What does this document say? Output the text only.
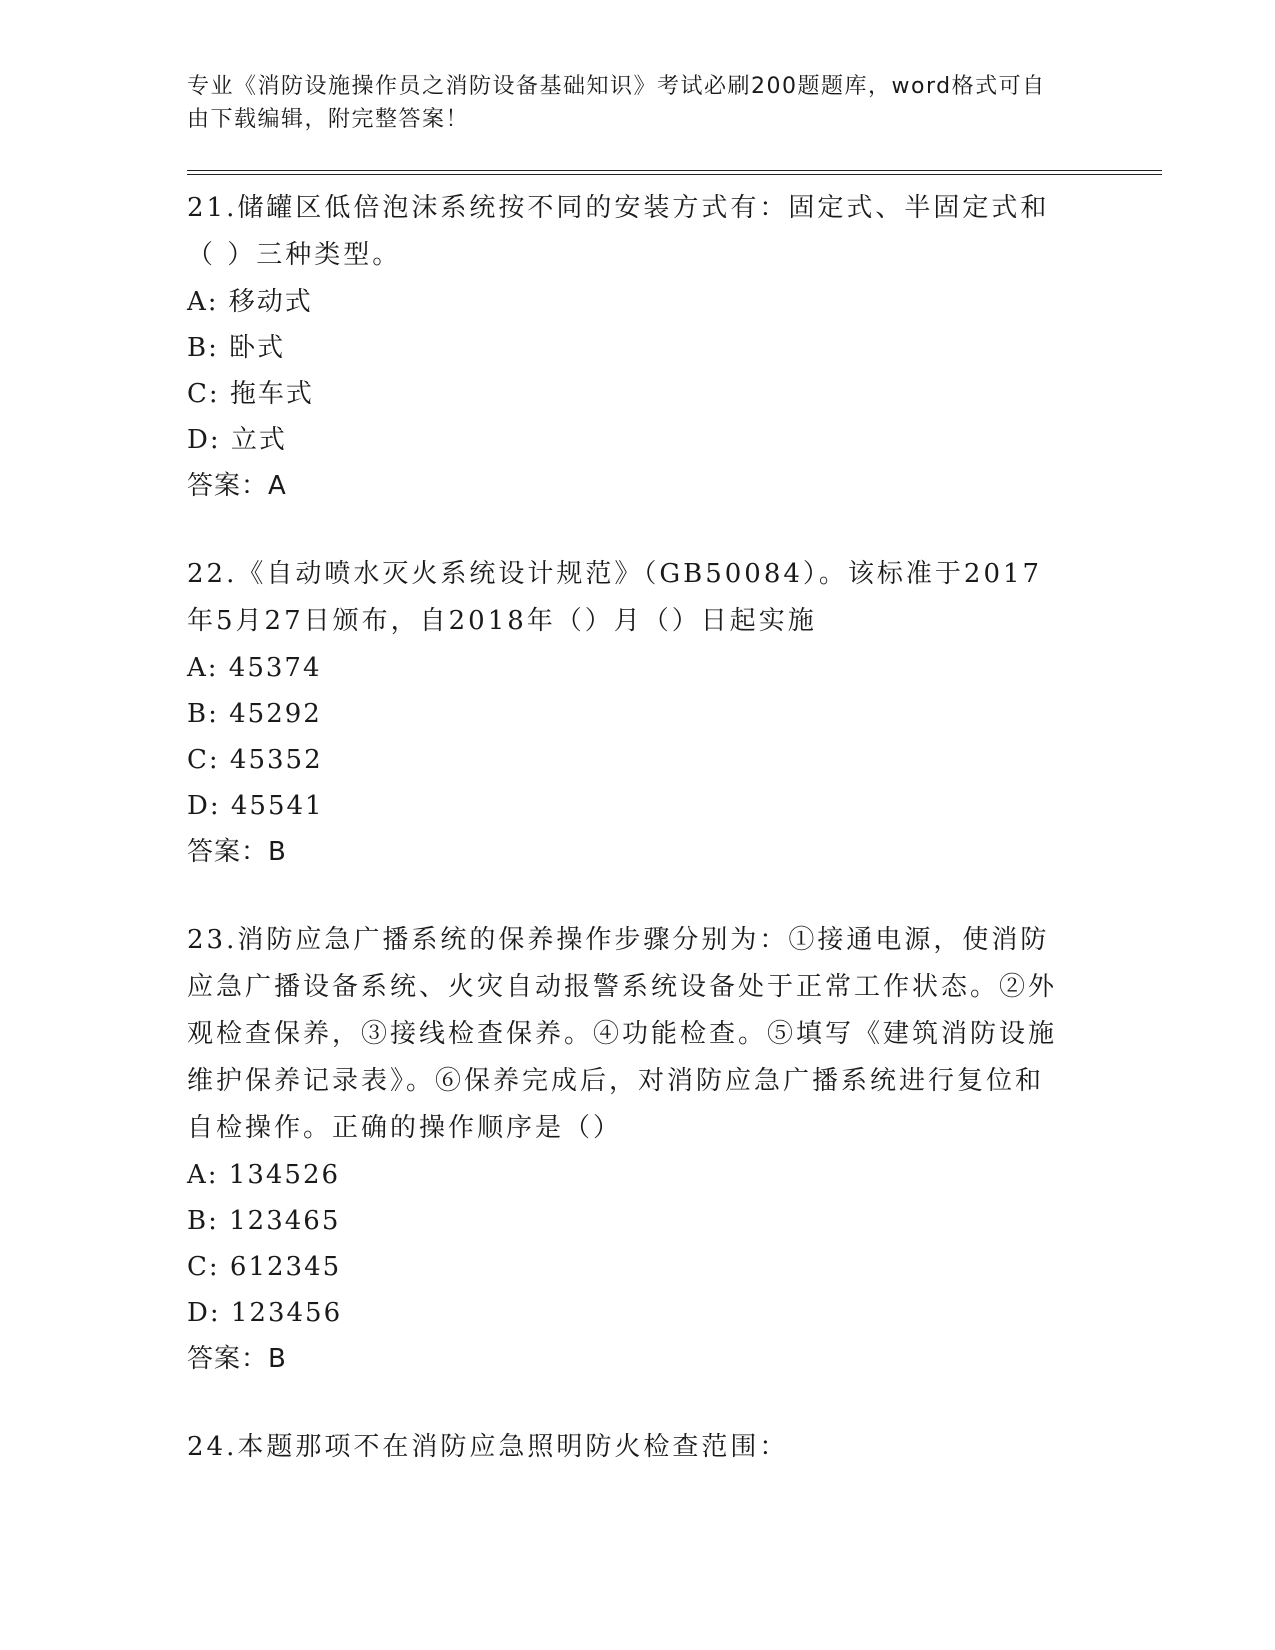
专业《消防设施操作员之消防设备基础知识》考试必刷200题题库，word格式可自由下载编辑，附完整答案！
21.储罐区低倍泡沫系统按不同的安装方式有：固定式、半固定式和（ ）三种类型。
A: 移动式
B: 卧式
C: 拖车式
D: 立式
答案：A
22.《自动喷水灭火系统设计规范》（GB50084）。该标准于2017年5月27日颁布，自2018年（）月（）日起实施
A: 45374
B: 45292
C: 45352
D: 45541
答案：B
23.消防应急广播系统的保养操作步骤分别为：①接通电源，使消防应急广播设备系统、火灾自动报警系统设备处于正常工作状态。②外观检查保养，③接线检查保养。④功能检查。⑤填写《建筑消防设施维护保养记录表》。⑥保养完成后，对消防应急广播系统进行复位和自检操作。正确的操作顺序是（）
A: 134526
B: 123465
C: 612345
D: 123456
答案：B
24.本题那项不在消防应急照明防火检查范围：
